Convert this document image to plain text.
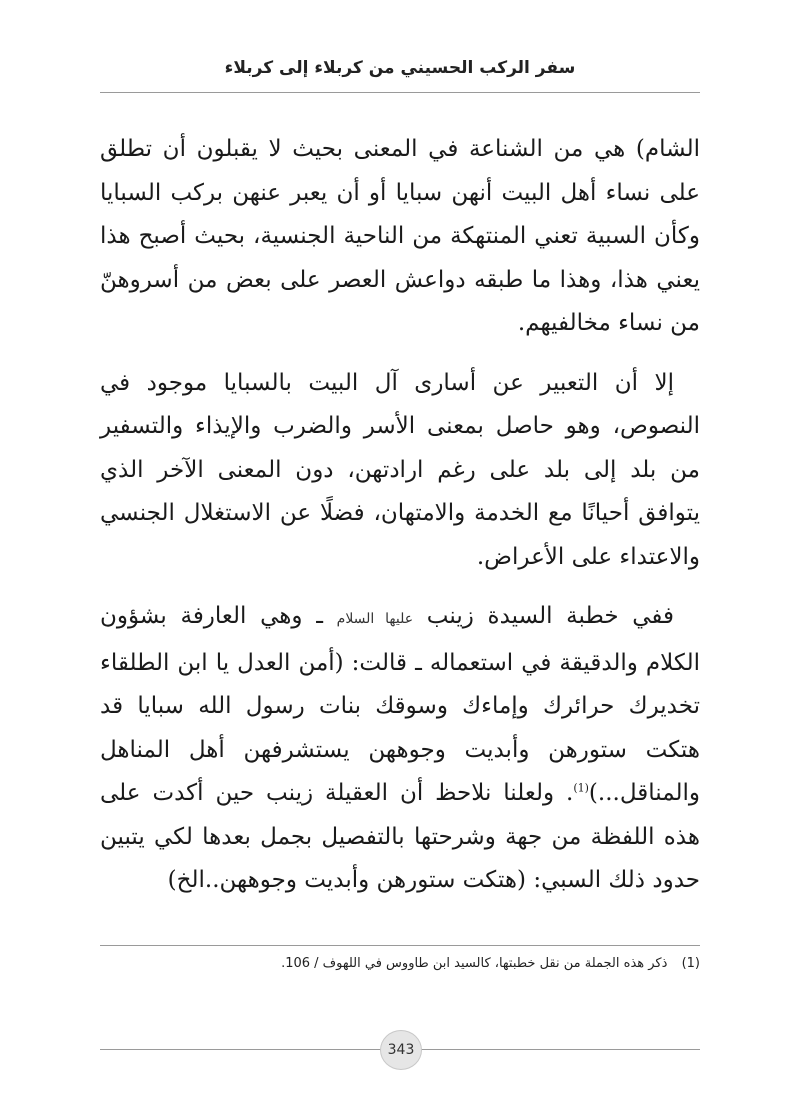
سفر الركب الحسيني من كربلاء إلى كربلاء

الشام) هي من الشناعة في المعنى بحيث لا يقبلون أن تطلق على نساء أهل البيت أنهن سبايا أو أن يعبر عنهن بركب السبايا وكأن السبية تعني المنتهكة من الناحية الجنسية، بحيث أصبح هذا يعني هذا، وهذا ما طبقه دواعش العصر على بعض من أسروهنّ من نساء مخالفيهم.

إلا أن التعبير عن أسارى آل البيت بالسبايا موجود في النصوص، وهو حاصل بمعنى الأسر والضرب والإيذاء والتسفير من بلد إلى بلد على رغم ارادتهن، دون المعنى الآخر الذي يتوافق أحيانًا مع الخدمة والامتهان، فضلًا عن الاستغلال الجنسي والاعتداء على الأعراض.

ففي خطبة السيدة زينب عليها السلام ـ وهي العارفة بشؤون الكلام والدقيقة في استعماله ـ قالت: (أمن العدل يا ابن الطلقاء تخديرك حرائرك وإماءك وسوقك بنات رسول الله سبايا قد هتكت ستورهن وأبديت وجوههن يستشرفهن أهل المناهل والمناقل...)$^{(1)}$. ولعلنا نلاحظ أن العقيلة زينب حين أكدت على هذه اللفظة من جهة وشرحتها بالتفصيل بجمل بعدها لكي يتبين حدود ذلك السبي: (هتكت ستورهن وأبديت وجوههن..الخ)

(1) ذكر هذه الجملة من نقل خطبتها، كالسيد ابن طاووس في اللهوف / 106.
343
